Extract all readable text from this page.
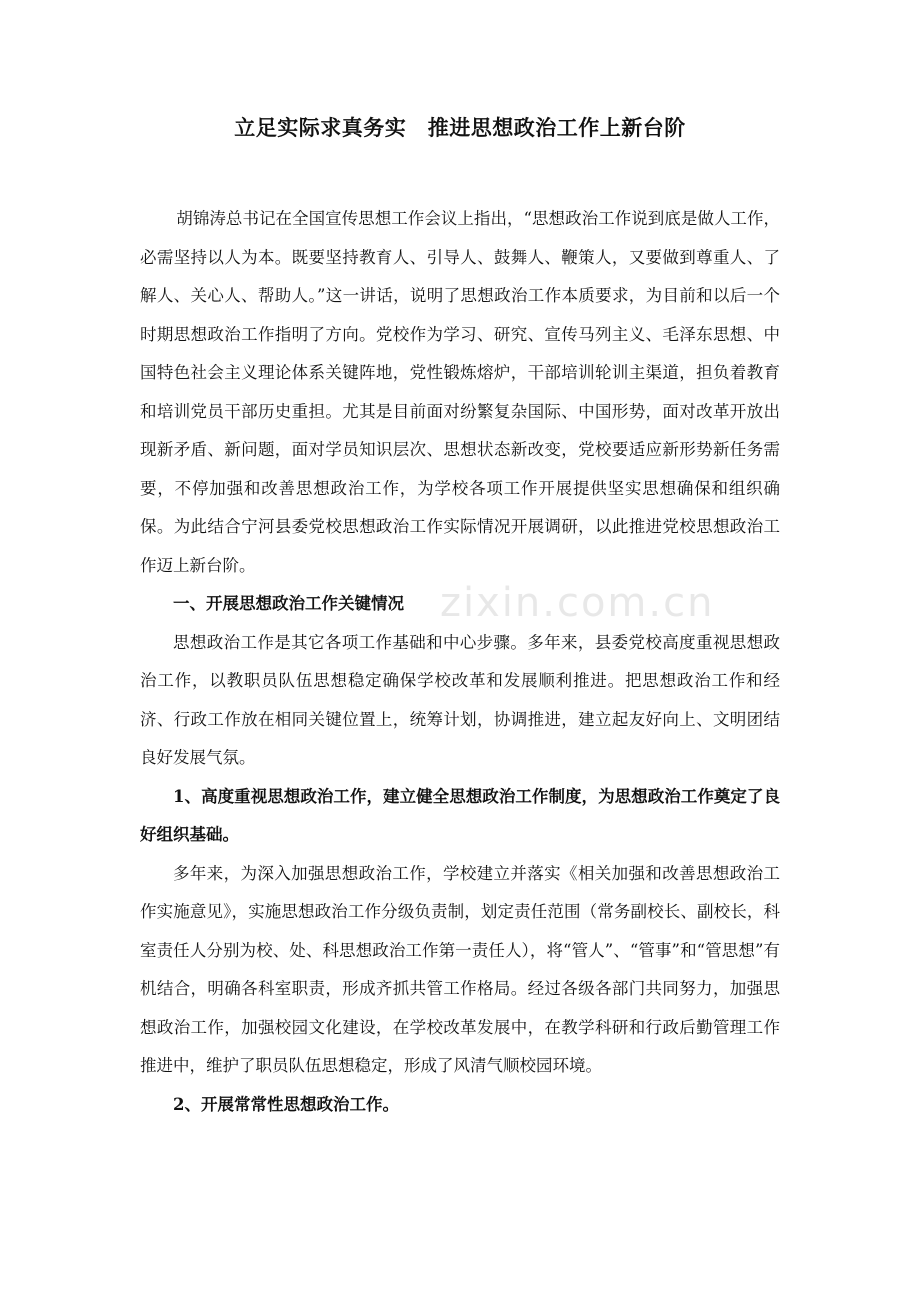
立足实际求真务实　推进思想政治工作上新台阶

胡锦涛总书记在全国宣传思想工作会议上指出，“思想政治工作说到底是做人工作，必需坚持以人为本。既要坚持教育人、引导人、鼓舞人、鞭策人，又要做到尊重人、了解人、关心人、帮助人。”这一讲话，说明了思想政治工作本质要求，为目前和以后一个时期思想政治工作指明了方向。党校作为学习、研究、宣传马列主义、毛泽东思想、中国特色社会主义理论体系关键阵地，党性锻炼熔炉，干部培训轮训主渠道，担负着教育和培训党员干部历史重担。尤其是目前面对纷繁复杂国际、中国形势，面对改革开放出现新矛盾、新问题，面对学员知识层次、思想状态新改变，党校要适应新形势新任务需要，不停加强和改善思想政治工作，为学校各项工作开展提供坚实思想确保和组织确保。为此结合宁河县委党校思想政治工作实际情况开展调研，以此推进党校思想政治工作迈上新台阶。

一、开展思想政治工作关键情况

思想政治工作是其它各项工作基础和中心步骤。多年来，县委党校高度重视思想政治工作，以教职员队伍思想稳定确保学校改革和发展顺利推进。把思想政治工作和经济、行政工作放在相同关键位置上，统筹计划，协调推进，建立起友好向上、文明团结良好发展气氛。

1、高度重视思想政治工作，建立健全思想政治工作制度，为思想政治工作奠定了良好组织基础。

多年来，为深入加强思想政治工作，学校建立并落实《相关加强和改善思想政治工作实施意见》，实施思想政治工作分级负责制，划定责任范围（常务副校长、副校长，科室责任人分别为校、处、科思想政治工作第一责任人），将“管人”、“管事”和“管思想”有机结合，明确各科室职责，形成齐抓共管工作格局。经过各级各部门共同努力，加强思想政治工作，加强校园文化建设，在学校改革发展中，在教学科研和行政后勤管理工作推进中，维护了职员队伍思想稳定，形成了风清气顺校园环境。

2、开展常常性思想政治工作。

zixin.com.cn
